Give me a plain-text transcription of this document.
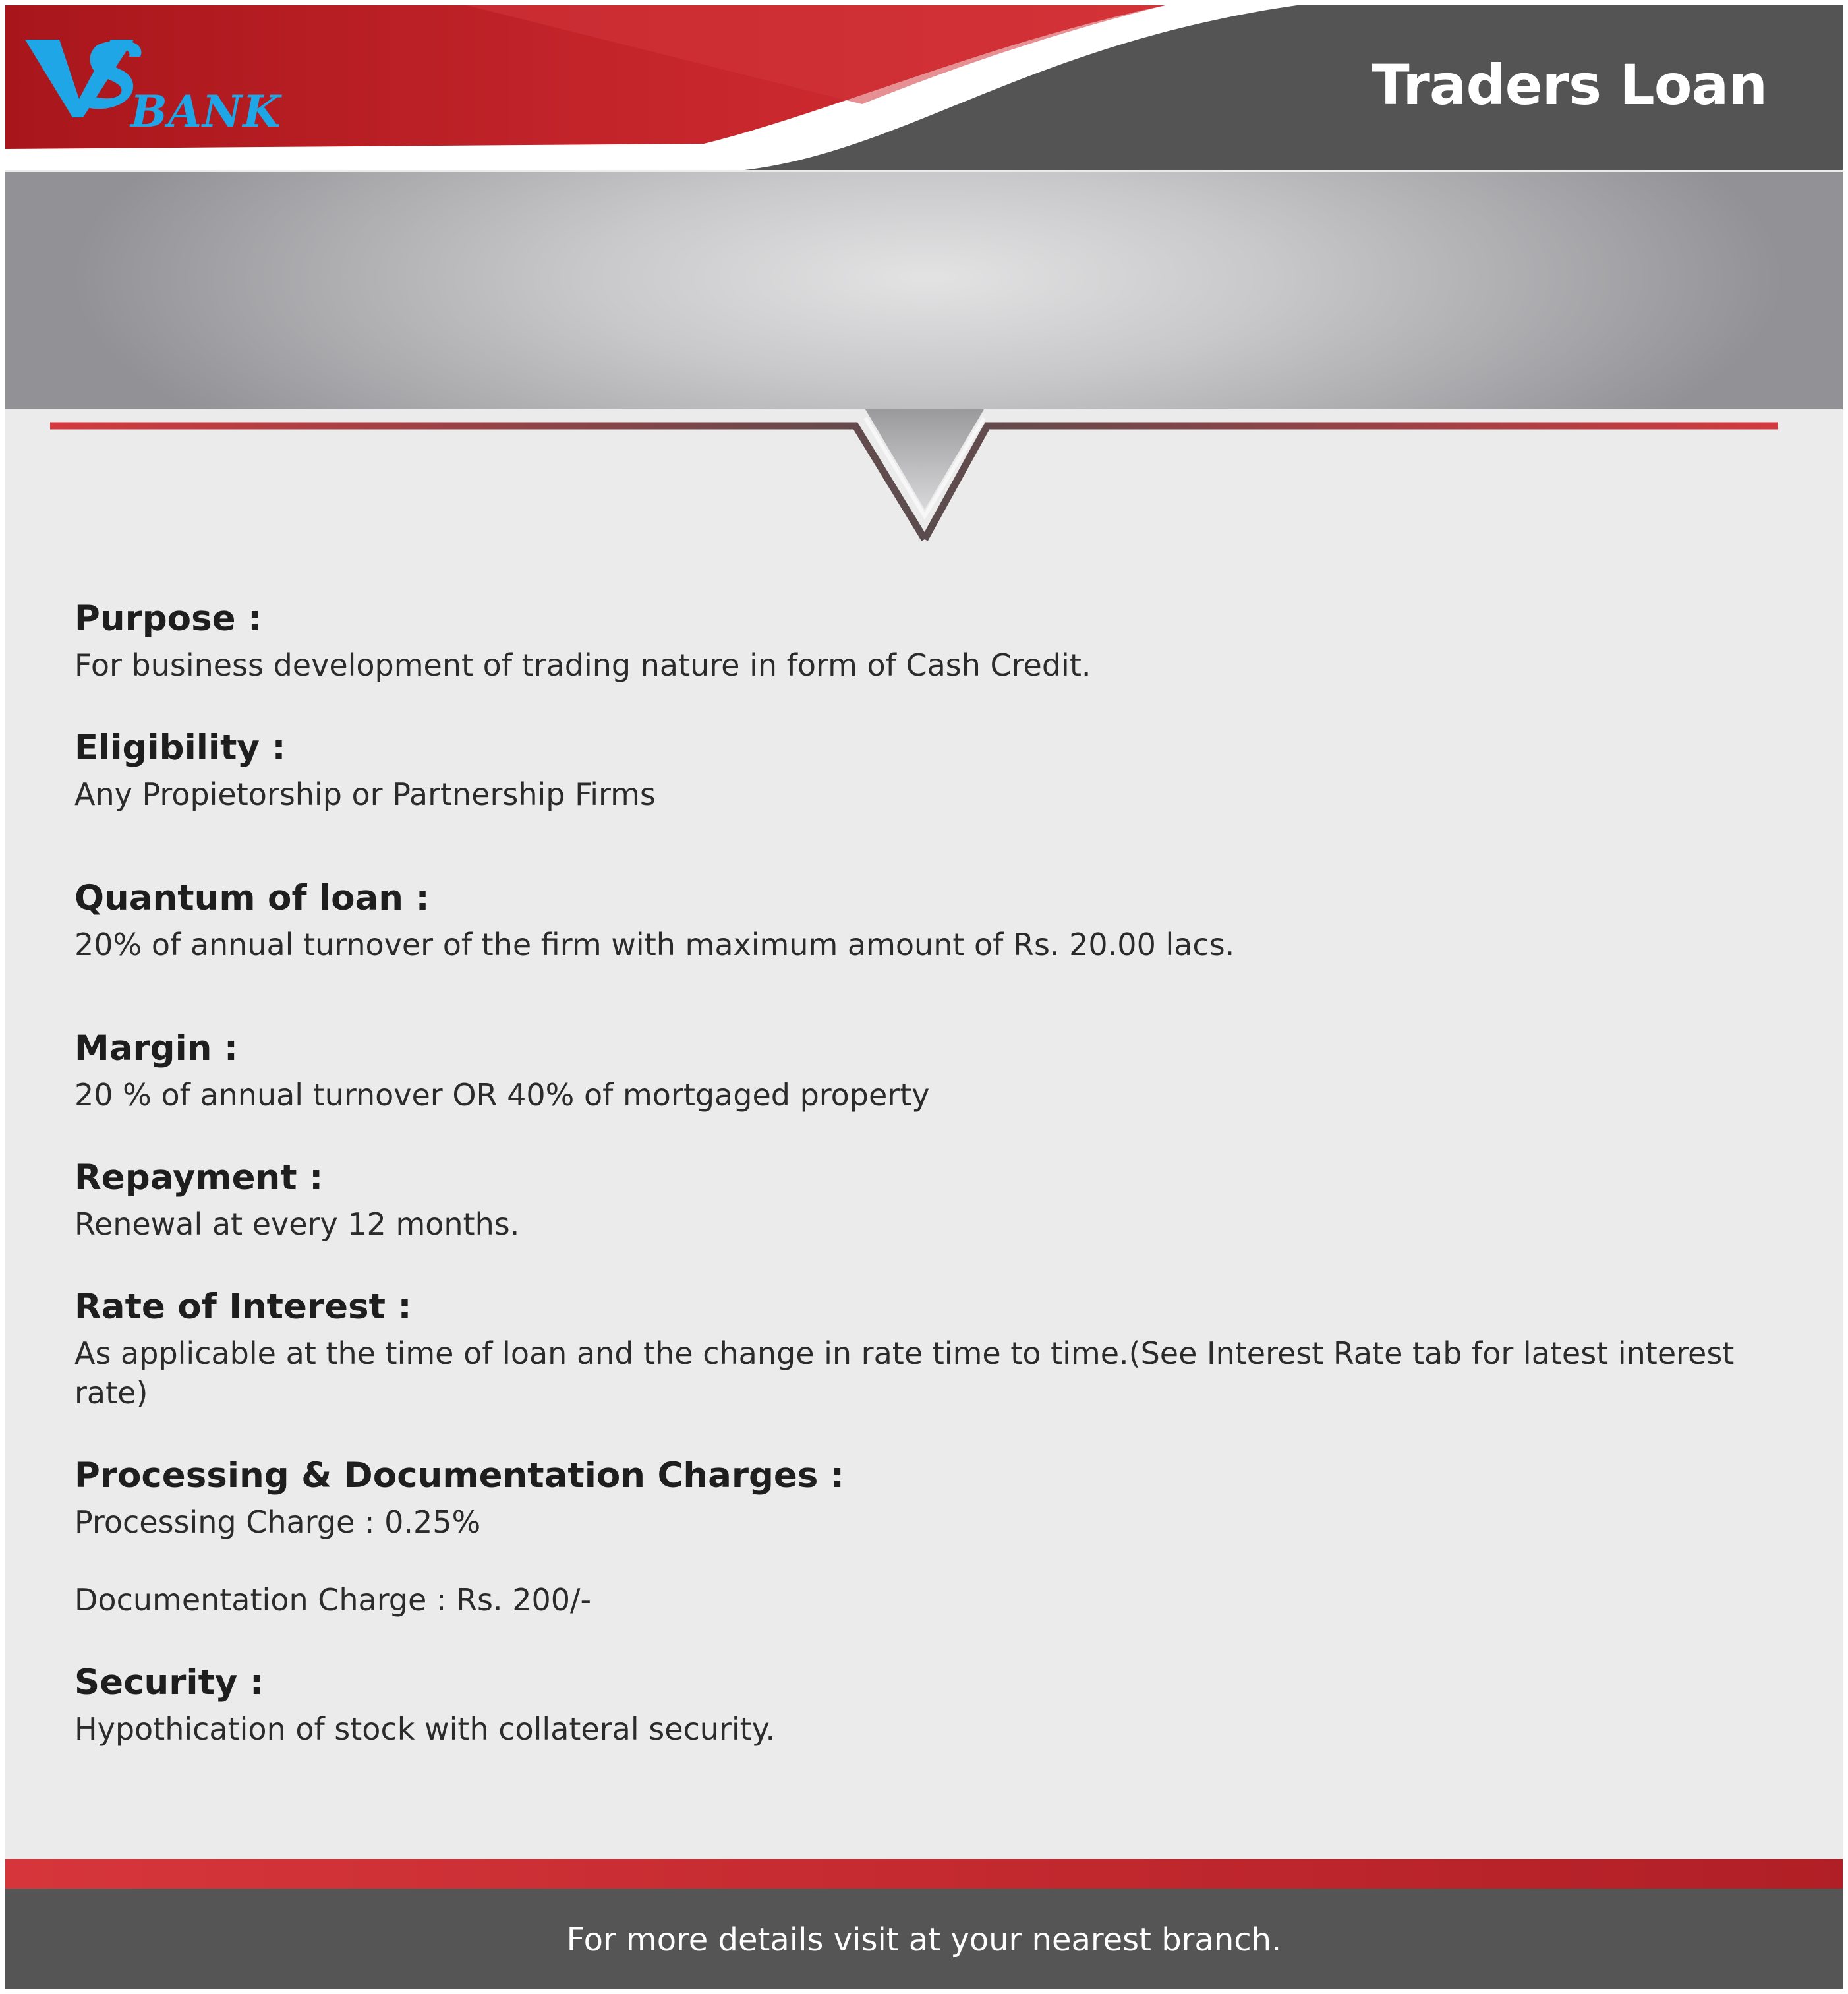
BANK	Traders Loan

Purpose :

For business development of trading nature in form of Cash Credit.

Eligibility :

Any Propietorship or Partnership Firms

Quantum of loan :

20% of annual turnover of the firm with maximum amount of Rs. 20.00 lacs.

Margin :

20 % of annual turnover OR 40% of mortgaged property

Repayment :

Renewal at every 12 months.

Rate of Interest :

As applicable at the time of loan and the change in rate time to time.(See Interest Rate tab for latest interest rate)

Processing & Documentation Charges :

Processing Charge : 0.25%

Documentation Charge : Rs. 200/-

Security :

Hypothication of stock with collateral security.

For more details visit at your nearest branch.
